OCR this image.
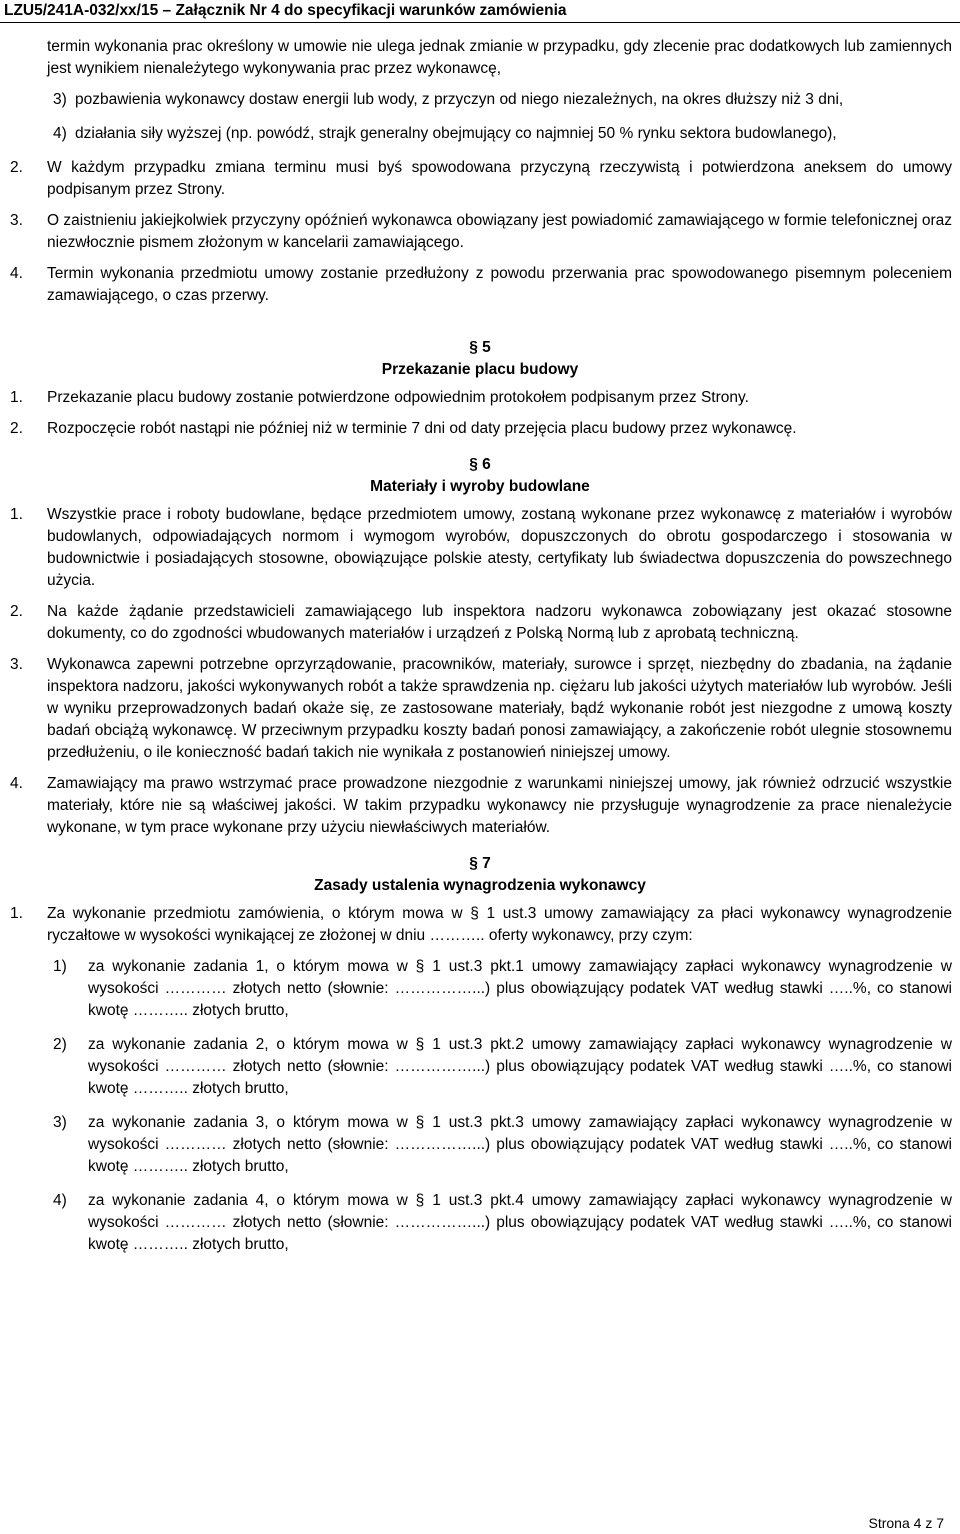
LZU5/241A-032/xx/15 – Załącznik Nr 4 do specyfikacji warunków zamówienia
termin wykonania prac określony w umowie nie ulega jednak zmianie w przypadku, gdy zlecenie prac dodatkowych lub zamiennych jest wynikiem nienależytego wykonywania prac przez wykonawcę,
3) pozbawienia wykonawcy dostaw energii lub wody, z przyczyn od niego niezależnych, na okres dłuższy niż 3 dni,
4) działania siły wyższej (np. powódź, strajk generalny obejmujący co najmniej 50 % rynku sektora budowlanego),
2. W każdym przypadku zmiana terminu musi byś spowodowana przyczyną rzeczywistą i potwierdzona aneksem do umowy podpisanym przez Strony.
3. O zaistnieniu jakiejkolwiek przyczyny opóźnień wykonawca obowiązany jest powiadomić zamawiającego w formie telefonicznej oraz niezwłocznie pismem złożonym w kancelarii zamawiającego.
4. Termin wykonania przedmiotu umowy zostanie przedłużony z powodu przerwania prac spowodowanego pisemnym poleceniem zamawiającego, o czas przerwy.
§ 5
Przekazanie placu budowy
1. Przekazanie placu budowy zostanie potwierdzone odpowiednim protokołem podpisanym przez Strony.
2. Rozpoczęcie robót nastąpi nie później niż w terminie 7 dni od daty przejęcia placu budowy przez wykonawcę.
§ 6
Materiały i wyroby budowlane
1. Wszystkie prace i roboty budowlane, będące przedmiotem umowy, zostaną wykonane przez wykonawcę z materiałów i wyrobów budowlanych, odpowiadających normom i wymogom wyrobów, dopuszczonych do obrotu gospodarczego i stosowania w budownictwie i posiadających stosowne, obowiązujące polskie atesty, certyfikaty lub świadectwa dopuszczenia do powszechnego użycia.
2. Na każde żądanie przedstawicieli zamawiającego lub inspektora nadzoru wykonawca zobowiązany jest okazać stosowne dokumenty, co do zgodności wbudowanych materiałów i urządzeń z Polską Normą lub z aprobatą techniczną.
3. Wykonawca zapewni potrzebne oprzyrządowanie, pracowników, materiały, surowce i sprzęt, niezbędny do zbadania, na żądanie inspektora nadzoru, jakości wykonywanych robót a także sprawdzenia np. ciężaru lub jakości użytych materiałów lub wyrobów. Jeśli w wyniku przeprowadzonych badań okaże się, ze zastosowane materiały, bądź wykonanie robót jest niezgodne z umową koszty badań obciążą wykonawcę. W przeciwnym przypadku koszty badań ponosi zamawiający, a zakończenie robót ulegnie stosownemu przedłużeniu, o ile konieczność badań takich nie wynikała z postanowień niniejszej umowy.
4. Zamawiający ma prawo wstrzymać prace prowadzone niezgodnie z warunkami niniejszej umowy, jak również odrzucić wszystkie materiały, które nie są właściwej jakości. W takim przypadku wykonawcy nie przysługuje wynagrodzenie za prace nienależycie wykonane, w tym prace wykonane przy użyciu niewłaściwych materiałów.
§ 7
Zasady ustalenia wynagrodzenia wykonawcy
1. Za wykonanie przedmiotu zamówienia, o którym mowa w § 1 ust.3 umowy zamawiający za płaci wykonawcy wynagrodzenie ryczałtowe w wysokości wynikającej ze złożonej w dniu ……….. oferty wykonawcy, przy czym:
1) za wykonanie zadania 1, o którym mowa w § 1 ust.3 pkt.1 umowy zamawiający zapłaci wykonawcy wynagrodzenie w wysokości ………… złotych netto (słownie: ……………...) plus obowiązujący podatek VAT według stawki …..%, co stanowi kwotę ……….. złotych brutto,
2) za wykonanie zadania 2, o którym mowa w § 1 ust.3 pkt.2 umowy zamawiający zapłaci wykonawcy wynagrodzenie w wysokości ………… złotych netto (słownie: ……………...) plus obowiązujący podatek VAT według stawki …..%, co stanowi kwotę ……….. złotych brutto,
3) za wykonanie zadania 3, o którym mowa w § 1 ust.3 pkt.3 umowy zamawiający zapłaci wykonawcy wynagrodzenie w wysokości ………… złotych netto (słownie: ……………...) plus obowiązujący podatek VAT według stawki …..%, co stanowi kwotę ……….. złotych brutto,
4) za wykonanie zadania 4, o którym mowa w § 1 ust.3 pkt.4 umowy zamawiający zapłaci wykonawcy wynagrodzenie w wysokości ………… złotych netto (słownie: ……………...) plus obowiązujący podatek VAT według stawki …..%, co stanowi kwotę ……….. złotych brutto,
Strona 4 z 7
